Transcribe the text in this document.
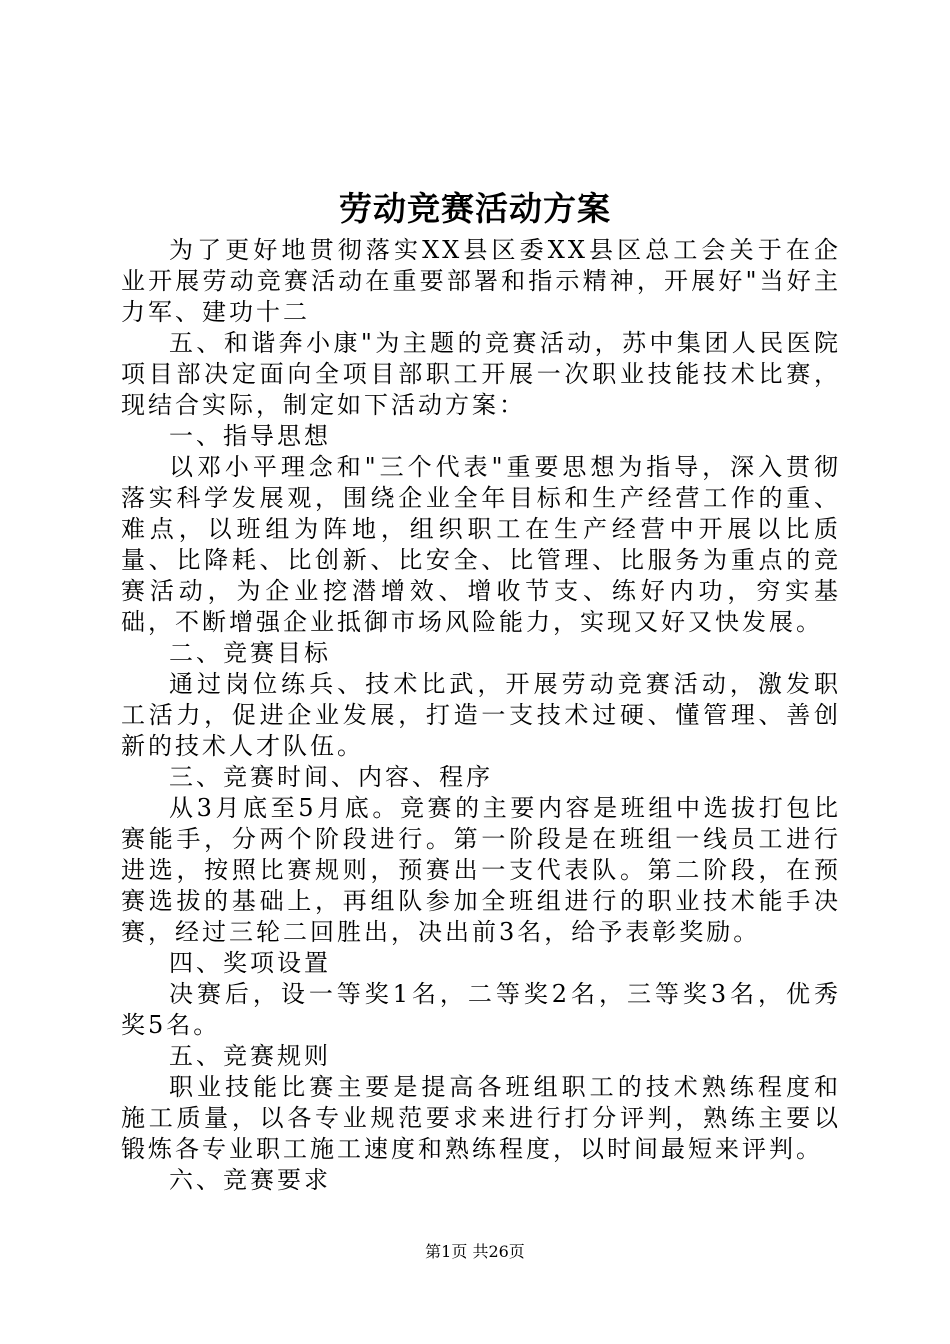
劳动竞赛活动方案

为了更好地贯彻落实XX县区委XX县区总工会关于在企业开展劳动竞赛活动在重要部署和指示精神，开展好"当好主力军、建功十二

五、和谐奔小康"为主题的竞赛活动，苏中集团人民医院项目部决定面向全项目部职工开展一次职业技能技术比赛，现结合实际，制定如下活动方案：

一、指导思想

以邓小平理念和"三个代表"重要思想为指导，深入贯彻落实科学发展观，围绕企业全年目标和生产经营工作的重、难点，以班组为阵地，组织职工在生产经营中开展以比质量、比降耗、比创新、比安全、比管理、比服务为重点的竞赛活动，为企业挖潜增效、增收节支、练好内功，穷实基础，不断增强企业抵御市场风险能力，实现又好又快发展。

二、竞赛目标

通过岗位练兵、技术比武，开展劳动竞赛活动，激发职工活力，促进企业发展，打造一支技术过硬、懂管理、善创新的技术人才队伍。

三、竞赛时间、内容、程序

从3月底至5月底。竞赛的主要内容是班组中选拔打包比赛能手，分两个阶段进行。第一阶段是在班组一线员工进行进选，按照比赛规则，预赛出一支代表队。第二阶段，在预赛选拔的基础上，再组队参加全班组进行的职业技术能手决赛，经过三轮二回胜出，决出前3名，给予表彰奖励。

四、奖项设置

决赛后，设一等奖1名，二等奖2名，三等奖3名，优秀奖5名。

五、竞赛规则

职业技能比赛主要是提高各班组职工的技术熟练程度和施工质量，以各专业规范要求来进行打分评判，熟练主要以锻炼各专业职工施工速度和熟练程度，以时间最短来评判。

六、竞赛要求

第1页 共26页
